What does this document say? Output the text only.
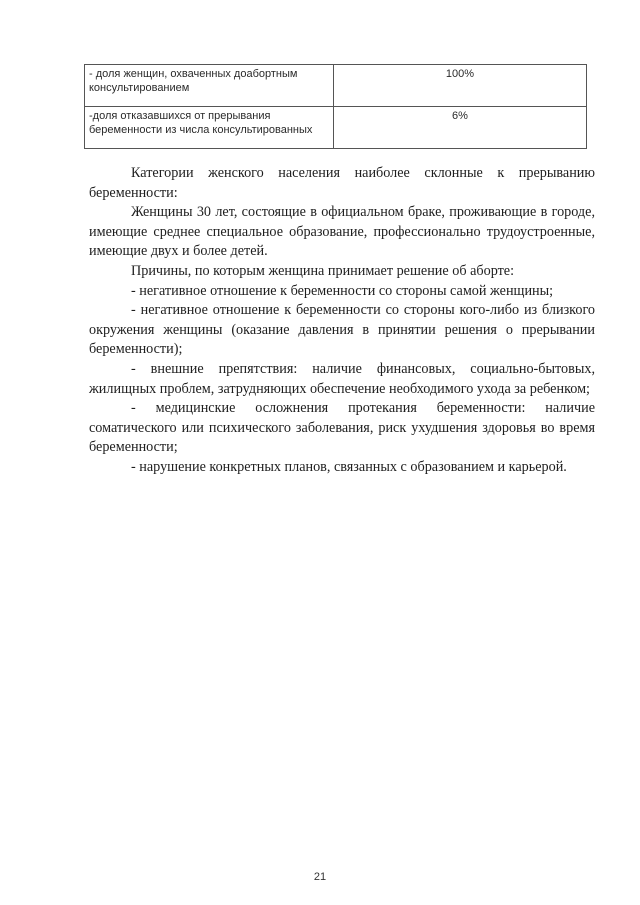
- доля женщин, охваченных доабортным консультированием	100%
-доля отказавшихся от прерывания беременности из числа консультированных	6%

Категории женского населения наиболее склонные к прерыванию беременности:

Женщины 30 лет, состоящие в официальном браке, проживающие в городе, имеющие среднее специальное образование, профессионально трудоустроенные, имеющие двух и более детей.

Причины, по которым женщина принимает решение об аборте:

- негативное отношение к беременности со стороны самой женщины;

- негативное отношение к беременности со стороны кого-либо из близкого окружения женщины (оказание давления в принятии решения о прерывании беременности);

- внешние препятствия: наличие финансовых, социально-бытовых, жилищных проблем, затрудняющих обеспечение необходимого ухода за ребенком;

- медицинские осложнения протекания беременности: наличие соматического или психического заболевания, риск ухудшения здоровья во время беременности;

- нарушение конкретных планов, связанных с образованием и карьерой.

21
